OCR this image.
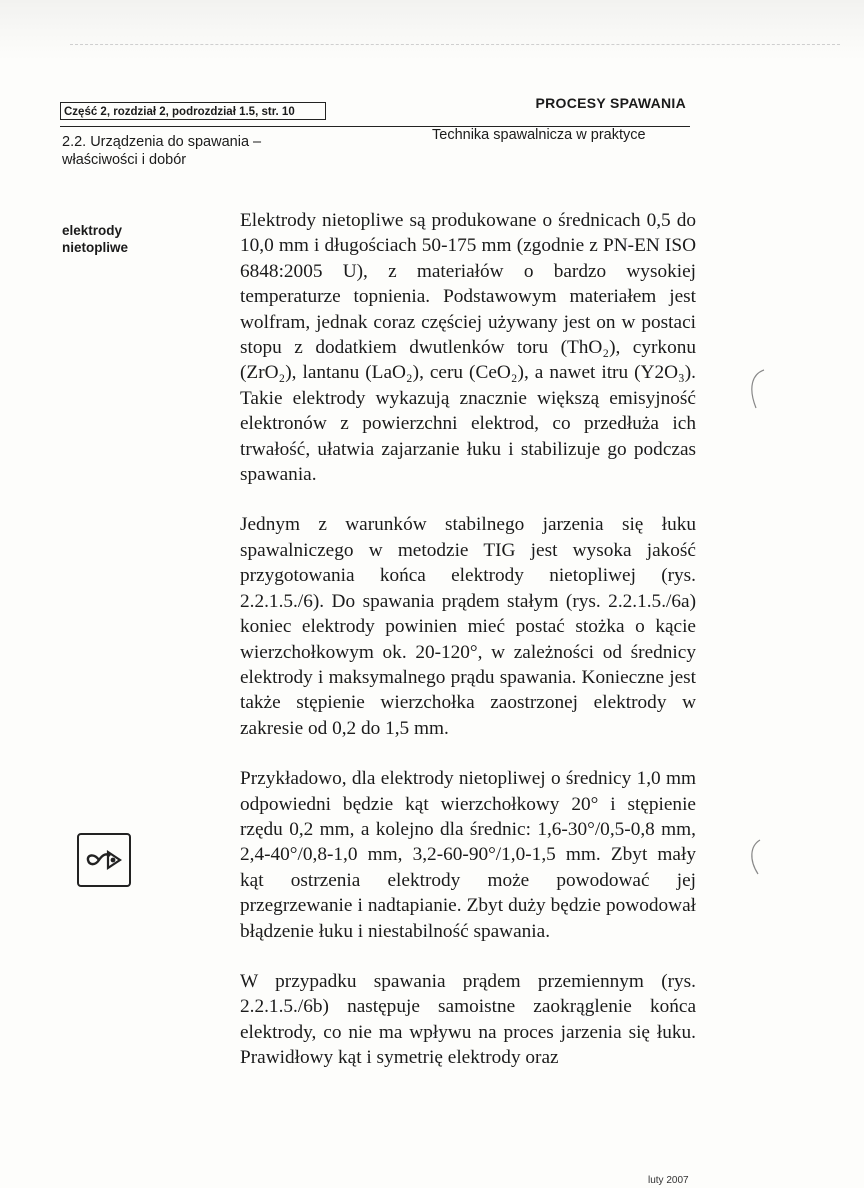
Część 2, rozdział 2, podrozdział 1.5, str. 10
PROCESY SPAWANIA
2.2. Urządzenia do spawania –
właściwości i dobór
Technika spawalnicza w praktyce
elektrody
nietopliwe

Elektrody nietopliwe są produkowane o średnicach 0,5 do 10,0 mm i długościach 50-175 mm (zgodnie z PN-EN ISO 6848:2005 U), z materiałów o bardzo wysokiej temperaturze topnienia. Podstawowym materiałem jest wolfram, jednak coraz częściej używany jest on w postaci stopu z dodatkiem dwutlenków toru (ThO₂), cyrkonu (ZrO₂), lantanu (LaO₂), ceru (CeO₂), a nawet itru (Y2O₃). Takie elektrody wykazują znacznie większą emisyjność elektronów z powierzchni elektrod, co przedłuża ich trwałość, ułatwia zajarzanie łuku i stabilizuje go podczas spawania.

Jednym z warunków stabilnego jarzenia się łuku spawalniczego w metodzie TIG jest wysoka jakość przygotowania końca elektrody nietopliwej (rys. 2.2.1.5./6). Do spawania prądem stałym (rys. 2.2.1.5./6a) koniec elektrody powinien mieć postać stożka o kącie wierzchołkowym ok. 20-120°, w zależności od średnicy elektrody i maksymalnego prądu spawania. Konieczne jest także stępienie wierzchołka zaostrzonej elektrody w zakresie od 0,2 do 1,5 mm.

Przykładowo, dla elektrody nietopliwej o średnicy 1,0 mm odpowiedni będzie kąt wierzchołkowy 20° i stępienie rzędu 0,2 mm, a kolejno dla średnic: 1,6-30°/0,5-0,8 mm, 2,4-40°/0,8-1,0 mm, 3,2-60-90°/1,0-1,5 mm. Zbyt mały kąt ostrzenia elektrody może powodować jej przegrzewanie i nadtapianie. Zbyt duży będzie powodował błądzenie łuku i niestabilność spawania.

W przypadku spawania prądem przemiennym (rys. 2.2.1.5./6b) następuje samoistne zaokrąglenie końca elektrody, co nie ma wpływu na proces jarzenia się łuku. Prawidłowy kąt i symetrię elektrody oraz

luty 2007
